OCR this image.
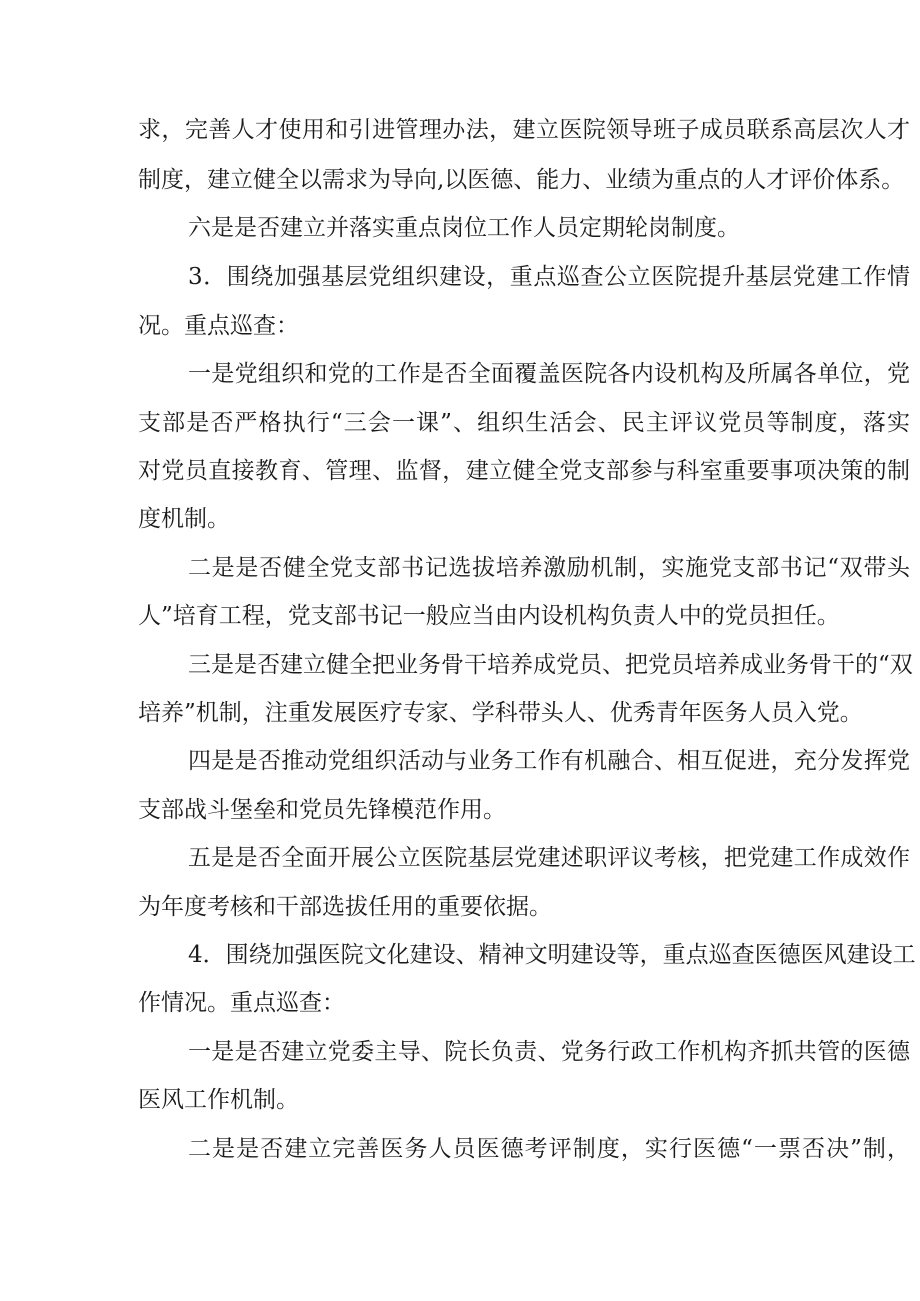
求，完善人才使用和引进管理办法，建立医院领导班子成员联系高层次人才
制度，建立健全以需求为导向,以医德、能力、业绩为重点的人才评价体系。
六是是否建立并落实重点岗位工作人员定期轮岗制度。
3．围绕加强基层党组织建设，重点巡查公立医院提升基层党建工作情
况。重点巡查：
一是党组织和党的工作是否全面覆盖医院各内设机构及所属各单位，党
支部是否严格执行“三会一课”、组织生活会、民主评议党员等制度，落实
对党员直接教育、管理、监督，建立健全党支部参与科室重要事项决策的制
度机制。
二是是否健全党支部书记选拔培养激励机制，实施党支部书记“双带头
人”培育工程，党支部书记一般应当由内设机构负责人中的党员担任。
三是是否建立健全把业务骨干培养成党员、把党员培养成业务骨干的“双
培养”机制，注重发展医疗专家、学科带头人、优秀青年医务人员入党。
四是是否推动党组织活动与业务工作有机融合、相互促进，充分发挥党
支部战斗堡垒和党员先锋模范作用。
五是是否全面开展公立医院基层党建述职评议考核，把党建工作成效作
为年度考核和干部选拔任用的重要依据。
4．围绕加强医院文化建设、精神文明建设等，重点巡查医德医风建设工
作情况。重点巡查：
一是是否建立党委主导、院长负责、党务行政工作机构齐抓共管的医德
医风工作机制。
二是是否建立完善医务人员医德考评制度，实行医德“一票否决”制，
